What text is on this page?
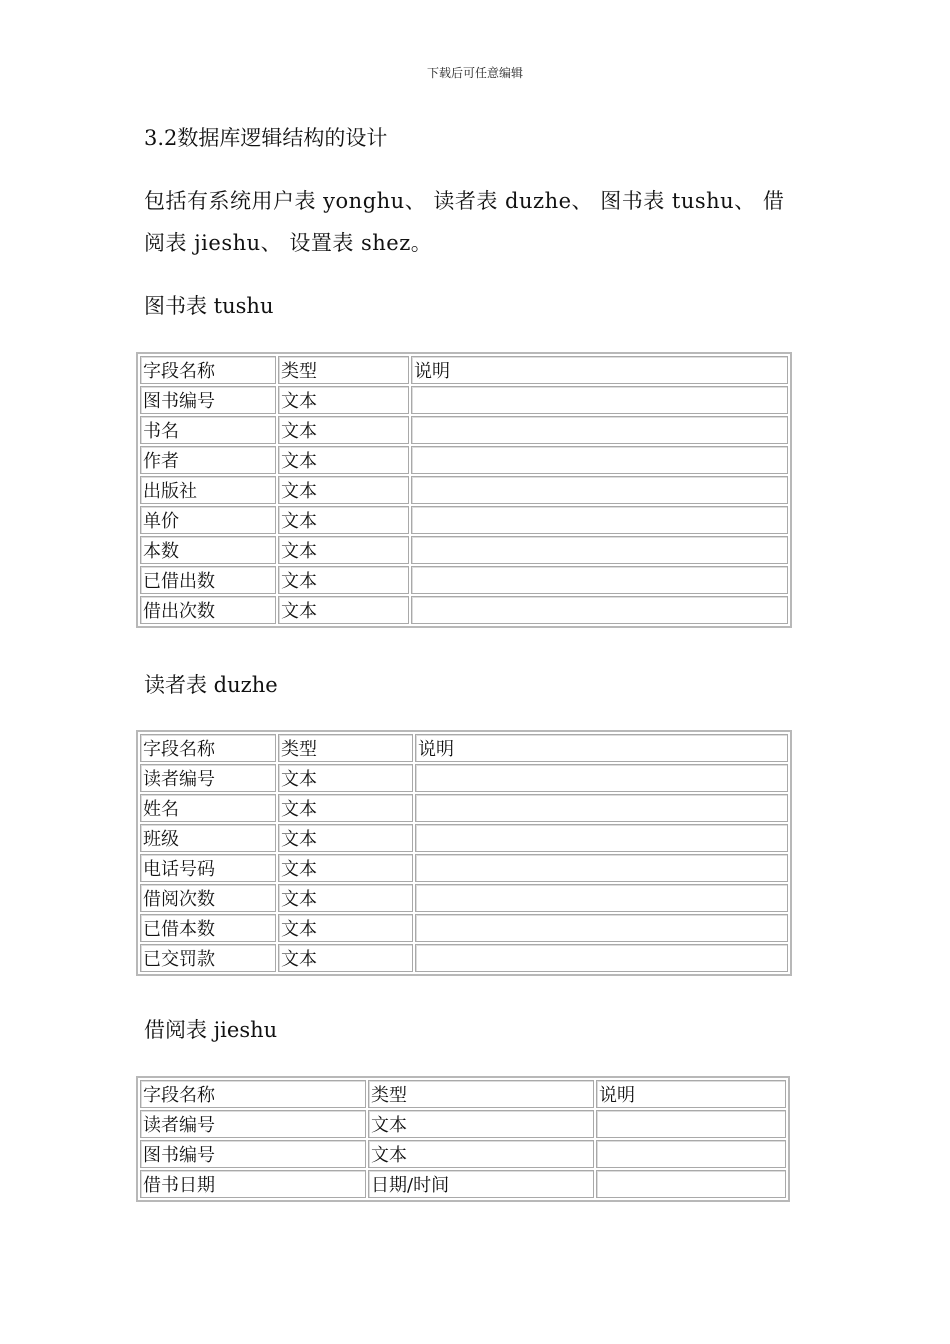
下载后可任意编辑
3.2数据库逻辑结构的设计
包括有系统用户表 yonghu、 读者表 duzhe、 图书表 tushu、 借
阅表 jieshu、 设置表 shez。
图书表 tushu
字段名称	类型	说明
图书编号	文本	
书名	文本	
作者	文本	
出版社	文本	
单价	文本	
本数	文本	
已借出数	文本	
借出次数	文本	
读者表 duzhe
字段名称	类型	说明
读者编号	文本	
姓名	文本	
班级	文本	
电话号码	文本	
借阅次数	文本	
已借本数	文本	
已交罚款	文本	
借阅表 jieshu
字段名称	类型	说明
读者编号	文本	
图书编号	文本	
借书日期	日期/时间	
